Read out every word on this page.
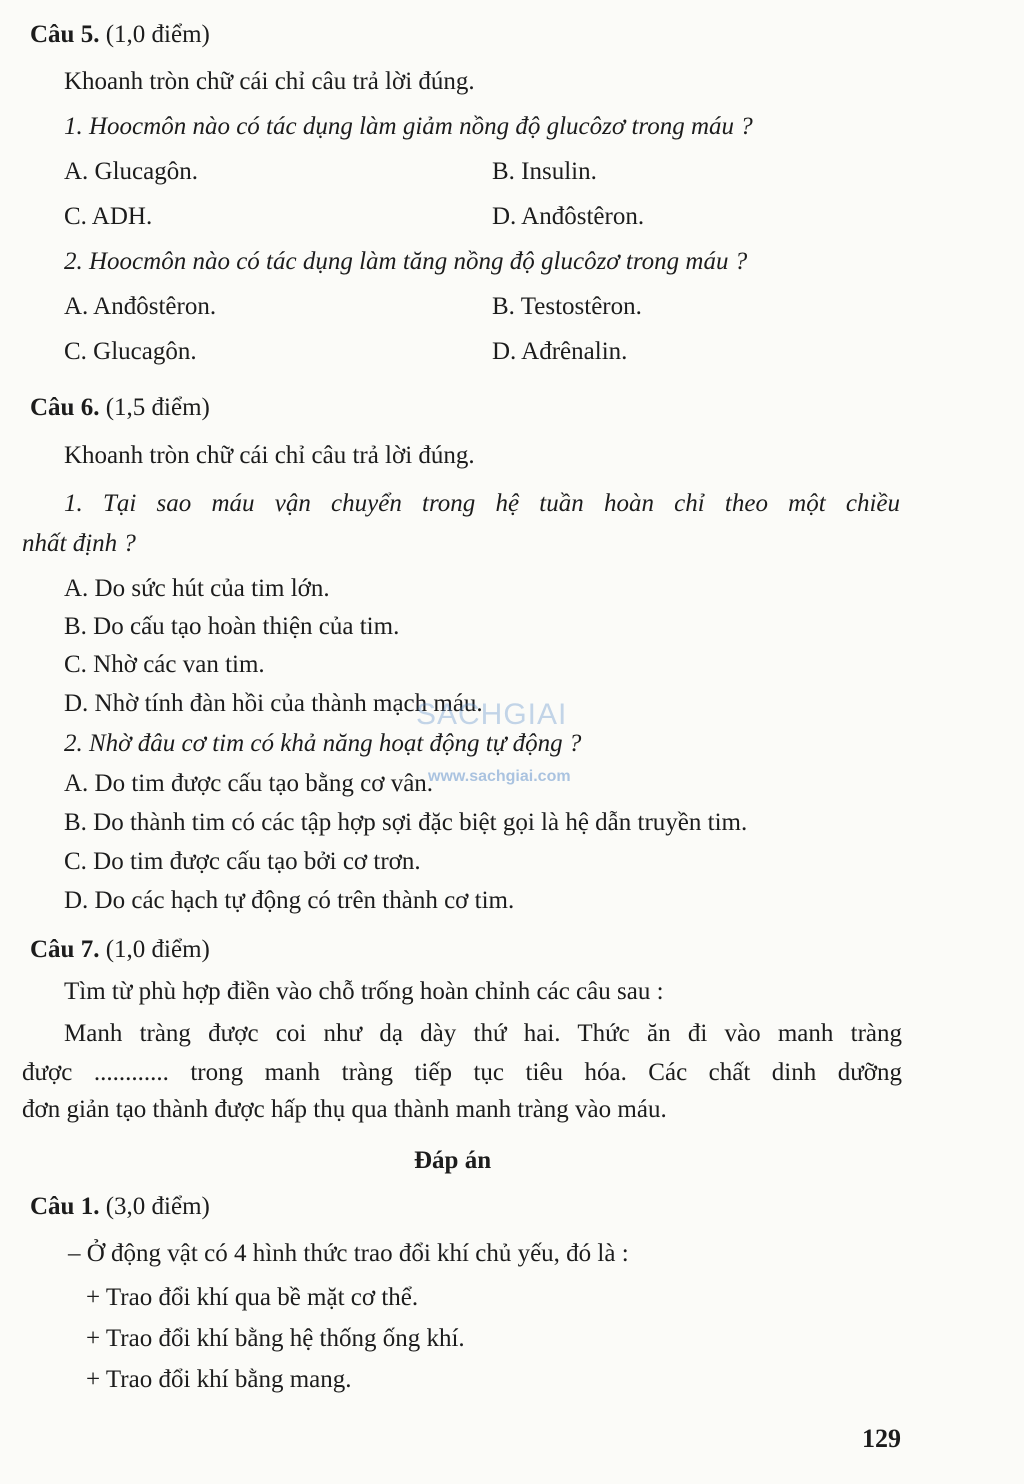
Câu 5. (1,0 điểm)
Khoanh tròn chữ cái chỉ câu trả lời đúng.
1. Hoocmôn nào có tác dụng làm giảm nồng độ glucôzơ trong máu ?
A. Glucagôn.	B. Insulin.
C. ADH.	D. Anđôstêron.
2. Hoocmôn nào có tác dụng làm tăng nồng độ glucôzơ trong máu ?
A. Anđôstêron.	B. Testostêron.
C. Glucagôn.	D. Ađrênalin.
Câu 6. (1,5 điểm)
Khoanh tròn chữ cái chỉ câu trả lời đúng.
1. Tại sao máu vận chuyển trong hệ tuần hoàn chỉ theo một chiều
nhất định ?
A. Do sức hút của tim lớn.
B. Do cấu tạo hoàn thiện của tim.
C. Nhờ các van tim.
D. Nhờ tính đàn hồi của thành mạch máu.
2. Nhờ đâu cơ tim có khả năng hoạt động tự động ?
A. Do tim được cấu tạo bằng cơ vân.
B. Do thành tim có các tập hợp sợi đặc biệt gọi là hệ dẫn truyền tim.
C. Do tim được cấu tạo bởi cơ trơn.
D. Do các hạch tự động có trên thành cơ tim.
Câu 7. (1,0 điểm)
Tìm từ phù hợp điền vào chỗ trống hoàn chỉnh các câu sau :
Manh tràng được coi như dạ dày thứ hai. Thức ăn đi vào manh tràng
được ............ trong manh tràng tiếp tục tiêu hóa. Các chất dinh dưỡng
đơn giản tạo thành được hấp thụ qua thành manh tràng vào máu.
Đáp án
Câu 1. (3,0 điểm)
– Ở động vật có 4 hình thức trao đổi khí chủ yếu, đó là :
+ Trao đổi khí qua bề mặt cơ thể.
+ Trao đổi khí bằng hệ thống ống khí.
+ Trao đổi khí bằng mang.
129
SACHGIAI
www.sachgiai.com
